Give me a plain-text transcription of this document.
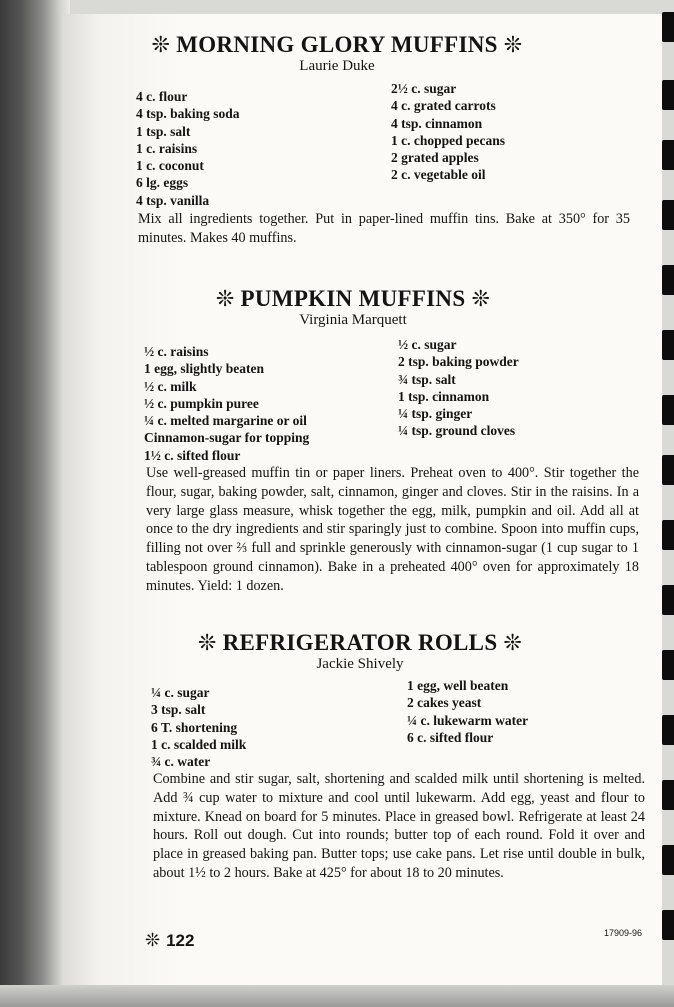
❊ MORNING GLORY MUFFINS ❊
Laurie Duke
4 c. flour
4 tsp. baking soda
1 tsp. salt
1 c. raisins
1 c. coconut
6 lg. eggs
4 tsp. vanilla
2½ c. sugar
4 c. grated carrots
4 tsp. cinnamon
1 c. chopped pecans
2 grated apples
2 c. vegetable oil

Mix all ingredients together. Put in paper-lined muffin tins. Bake at 350° for 35 minutes. Makes 40 muffins.

❊ PUMPKIN MUFFINS ❊
Virginia Marquett
½ c. raisins
1 egg, slightly beaten
½ c. milk
½ c. pumpkin puree
¼ c. melted margarine or oil
Cinnamon-sugar for topping
1½ c. sifted flour
½ c. sugar
2 tsp. baking powder
¾ tsp. salt
1 tsp. cinnamon
¼ tsp. ginger
¼ tsp. ground cloves

Use well-greased muffin tin or paper liners. Preheat oven to 400°. Stir together the flour, sugar, baking powder, salt, cinnamon, ginger and cloves. Stir in the raisins. In a very large glass measure, whisk together the egg, milk, pumpkin and oil. Add all at once to the dry ingredients and stir sparingly just to combine. Spoon into muffin cups, filling not over ⅔ full and sprinkle generously with cinnamon-sugar (1 cup sugar to 1 tablespoon ground cinnamon). Bake in a preheated 400° oven for approximately 18 minutes. Yield: 1 dozen.

❊ REFRIGERATOR ROLLS ❊
Jackie Shively
¼ c. sugar
3 tsp. salt
6 T. shortening
1 c. scalded milk
¾ c. water
1 egg, well beaten
2 cakes yeast
¼ c. lukewarm water
6 c. sifted flour

Combine and stir sugar, salt, shortening and scalded milk until shortening is melted. Add ¾ cup water to mixture and cool until lukewarm. Add egg, yeast and flour to mixture. Knead on board for 5 minutes. Place in greased bowl. Refrigerate at least 24 hours. Roll out dough. Cut into rounds; butter top of each round. Fold it over and place in greased baking pan. Butter tops; use cake pans. Let rise until double in bulk, about 1½ to 2 hours. Bake at 425° for about 18 to 20 minutes.

❊ 122	17909-96
